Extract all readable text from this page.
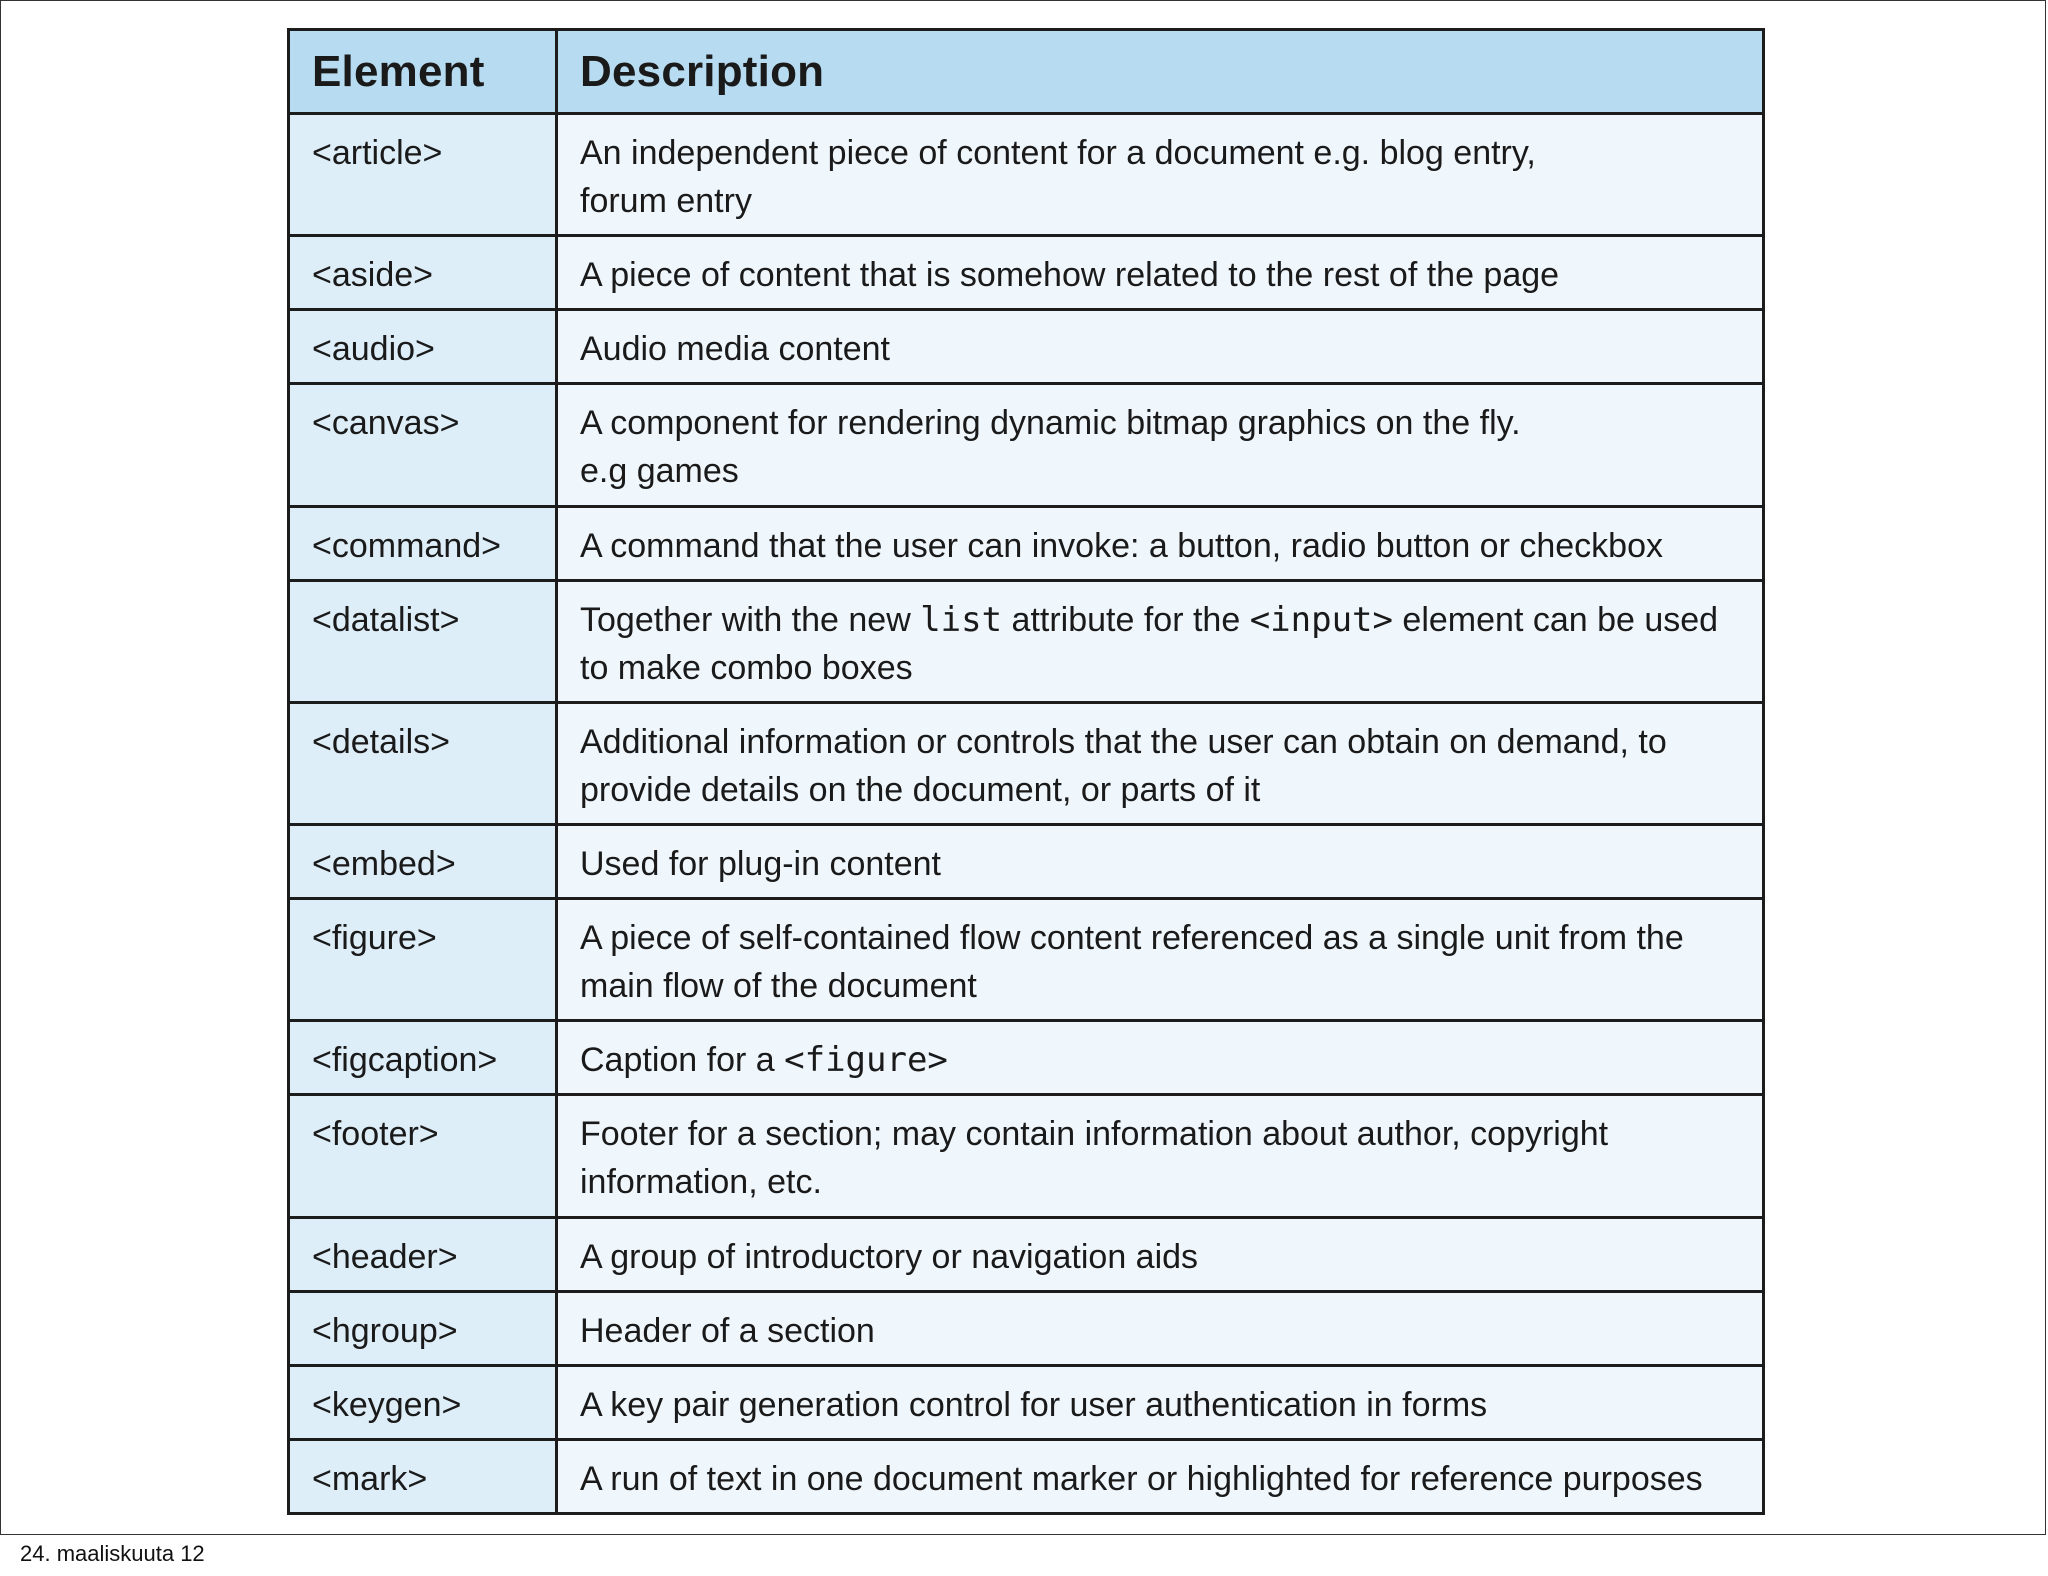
Element	Description
<article>	An independent piece of content for a document e.g. blog entry,
forum entry
<aside>	A piece of content that is somehow related to the rest of the page
<audio>	Audio media content
<canvas>	A component for rendering dynamic bitmap graphics on the fly.
e.g games
<command>	A command that the user can invoke: a button, radio button or checkbox
<datalist>	Together with the new list attribute for the <input> element can be used
to make combo boxes
<details>	Additional information or controls that the user can obtain on demand, to
provide details on the document, or parts of it
<embed>	Used for plug-in content
<figure>	A piece of self-contained flow content referenced as a single unit from the
main flow of the document
<figcaption>	Caption for a <figure>
<footer>	Footer for a section; may contain information about author, copyright
information, etc.
<header>	A group of introductory or navigation aids
<hgroup>	Header of a section
<keygen>	A key pair generation control for user authentication in forms
<mark>	A run of text in one document marker or highlighted for reference purposes
24. maaliskuuta 12
